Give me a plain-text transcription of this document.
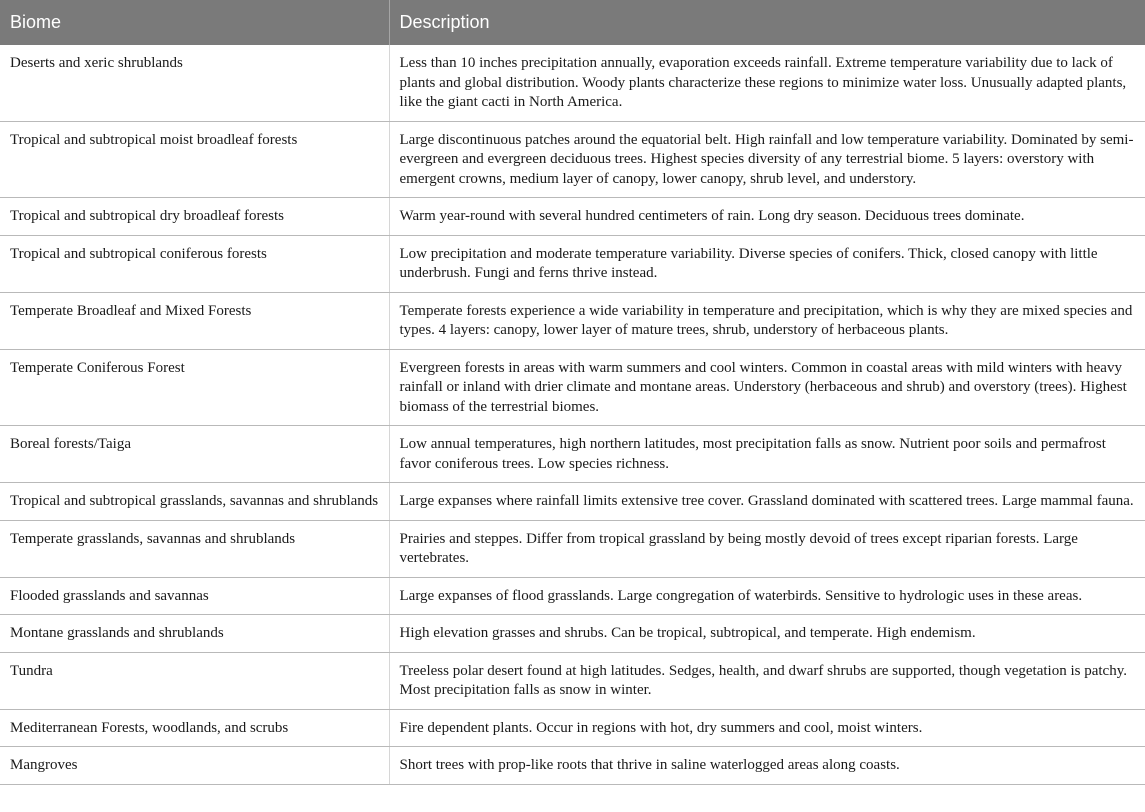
Biome	Description
Deserts and xeric shrublands	Less than 10 inches precipitation annually, evaporation exceeds rainfall. Extreme temperature variability due to lack of plants and global distribution. Woody plants characterize these regions to minimize water loss. Unusually adapted plants, like the giant cacti in North America.
Tropical and subtropical moist broadleaf forests	Large discontinuous patches around the equatorial belt. High rainfall and low temperature variability. Dominated by semi-evergreen and evergreen deciduous trees. Highest species diversity of any terrestrial biome. 5 layers: overstory with emergent crowns, medium layer of canopy, lower canopy, shrub level, and understory.
Tropical and subtropical dry broadleaf forests	Warm year-round with several hundred centimeters of rain. Long dry season. Deciduous trees dominate.
Tropical and subtropical coniferous forests	Low precipitation and moderate temperature variability. Diverse species of conifers. Thick, closed canopy with little underbrush. Fungi and ferns thrive instead.
Temperate Broadleaf and Mixed Forests	Temperate forests experience a wide variability in temperature and precipitation, which is why they are mixed species and types. 4 layers: canopy, lower layer of mature trees, shrub, understory of herbaceous plants.
Temperate Coniferous Forest	Evergreen forests in areas with warm summers and cool winters. Common in coastal areas with mild winters with heavy rainfall or inland with drier climate and montane areas. Understory (herbaceous and shrub) and overstory (trees). Highest biomass of the terrestrial biomes.
Boreal forests/Taiga	Low annual temperatures, high northern latitudes, most precipitation falls as snow. Nutrient poor soils and permafrost favor coniferous trees. Low species richness.
Tropical and subtropical grasslands, savannas and shrublands	Large expanses where rainfall limits extensive tree cover. Grassland dominated with scattered trees. Large mammal fauna.
Temperate grasslands, savannas and shrublands	Prairies and steppes. Differ from tropical grassland by being mostly devoid of trees except riparian forests. Large vertebrates.
Flooded grasslands and savannas	Large expanses of flood grasslands. Large congregation of waterbirds. Sensitive to hydrologic uses in these areas.
Montane grasslands and shrublands	High elevation grasses and shrubs. Can be tropical, subtropical, and temperate. High endemism.
Tundra	Treeless polar desert found at high latitudes. Sedges, health, and dwarf shrubs are supported, though vegetation is patchy. Most precipitation falls as snow in winter.
Mediterranean Forests, woodlands, and scrubs	Fire dependent plants. Occur in regions with hot, dry summers and cool, moist winters.
Mangroves	Short trees with prop-like roots that thrive in saline waterlogged areas along coasts.
